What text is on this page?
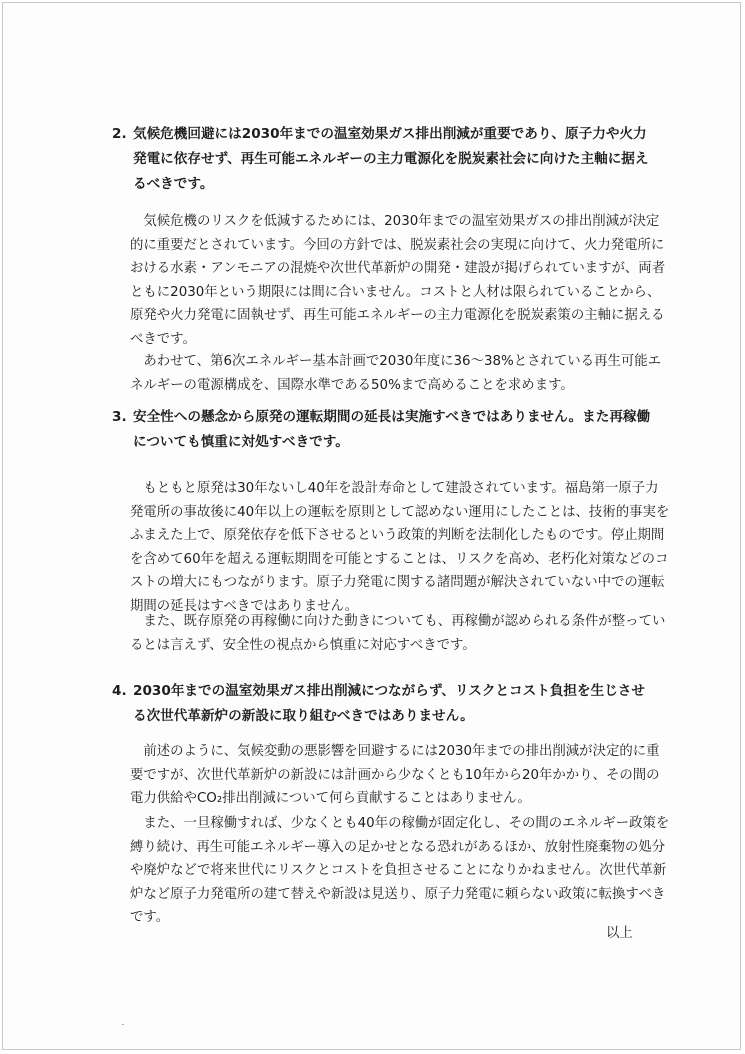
2. 気候危機回避には2030年までの温室効果ガス排出削減が重要であり、原子力や火力発電に依存せず、再生可能エネルギーの主力電源化を脱炭素社会に向けた主軸に据えるべきです。

　気候危機のリスクを低減するためには、2030年までの温室効果ガスの排出削減が決定的に重要だとされています。今回の方針では、脱炭素社会の実現に向けて、火力発電所における水素・アンモニアの混焼や次世代革新炉の開発・建設が掲げられていますが、両者ともに2030年という期限には間に合いません。コストと人材は限られていることから、原発や火力発電に固執せず、再生可能エネルギーの主力電源化を脱炭素策の主軸に据えるべきです。

　あわせて、第6次エネルギー基本計画で2030年度に36〜38%とされている再生可能エネルギーの電源構成を、国際水準である50%まで高めることを求めます。

3. 安全性への懸念から原発の運転期間の延長は実施すべきではありません。また再稼働についても慎重に対処すべきです。

　もともと原発は30年ないし40年を設計寿命として建設されています。福島第一原子力発電所の事故後に40年以上の運転を原則として認めない運用にしたことは、技術的事実をふまえた上で、原発依存を低下させるという政策的判断を法制化したものです。停止期間を含めて60年を超える運転期間を可能とすることは、リスクを高め、老朽化対策などのコストの増大にもつながります。原子力発電に関する諸問題が解決されていない中での運転期間の延長はすべきではありません。

　また、既存原発の再稼働に向けた動きについても、再稼働が認められる条件が整っているとは言えず、安全性の視点から慎重に対応すべきです。

4. 2030年までの温室効果ガス排出削減につながらず、リスクとコスト負担を生じさせる次世代革新炉の新設に取り組むべきではありません。

　前述のように、気候変動の悪影響を回避するには2030年までの排出削減が決定的に重要ですが、次世代革新炉の新設には計画から少なくとも10年から20年かかり、その間の電力供給やCO₂排出削減について何ら貢献することはありません。

　また、一旦稼働すれば、少なくとも40年の稼働が固定化し、その間のエネルギー政策を縛り続け、再生可能エネルギー導入の足かせとなる恐れがあるほか、放射性廃棄物の処分や廃炉などで将来世代にリスクとコストを負担させることになりかねません。次世代革新炉など原子力発電所の建て替えや新設は見送り、原子力発電に頼らない政策に転換すべきです。

以上
